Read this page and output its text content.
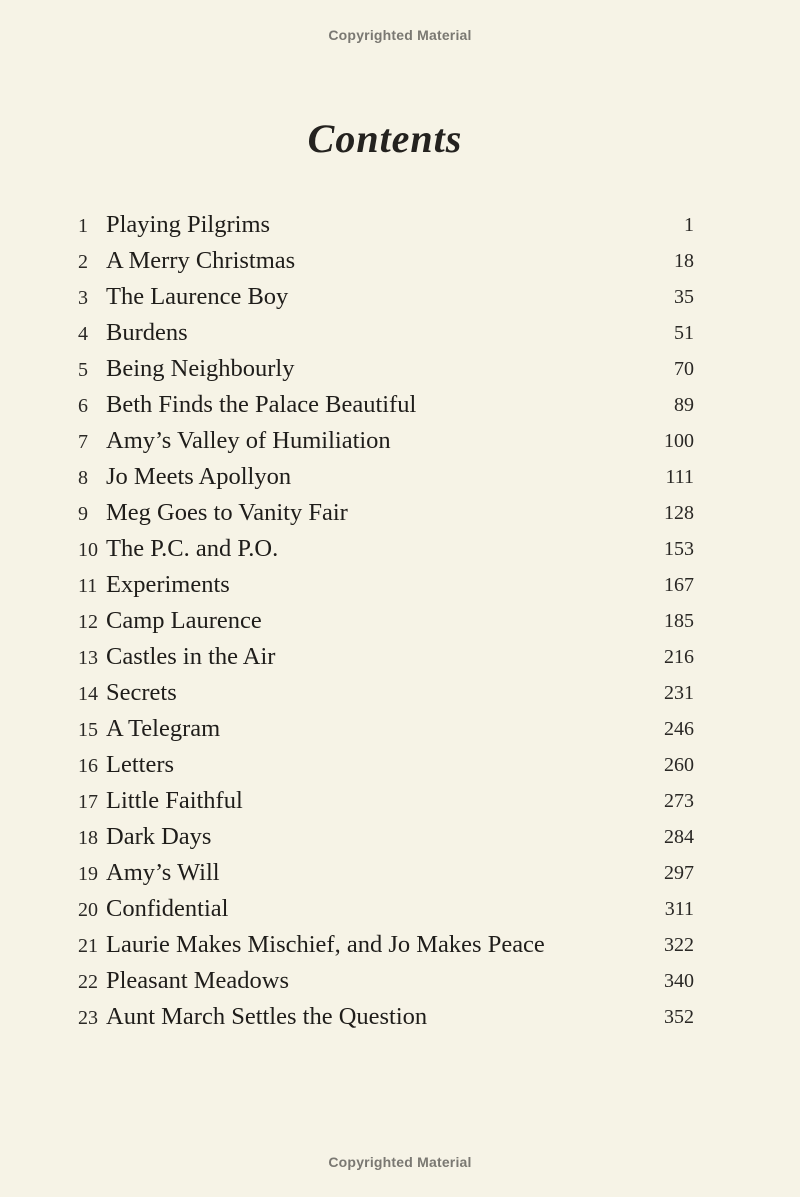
Copyrighted Material
Contents
1 Playing Pilgrims	1
2 A Merry Christmas	18
3 The Laurence Boy	35
4 Burdens	51
5 Being Neighbourly	70
6 Beth Finds the Palace Beautiful	89
7 Amy’s Valley of Humiliation	100
8 Jo Meets Apollyon	111
9 Meg Goes to Vanity Fair	128
10 The P.C. and P.O.	153
11 Experiments	167
12 Camp Laurence	185
13 Castles in the Air	216
14 Secrets	231
15 A Telegram	246
16 Letters	260
17 Little Faithful	273
18 Dark Days	284
19 Amy’s Will	297
20 Confidential	311
21 Laurie Makes Mischief, and Jo Makes Peace	322
22 Pleasant Meadows	340
23 Aunt March Settles the Question	352
Copyrighted Material
